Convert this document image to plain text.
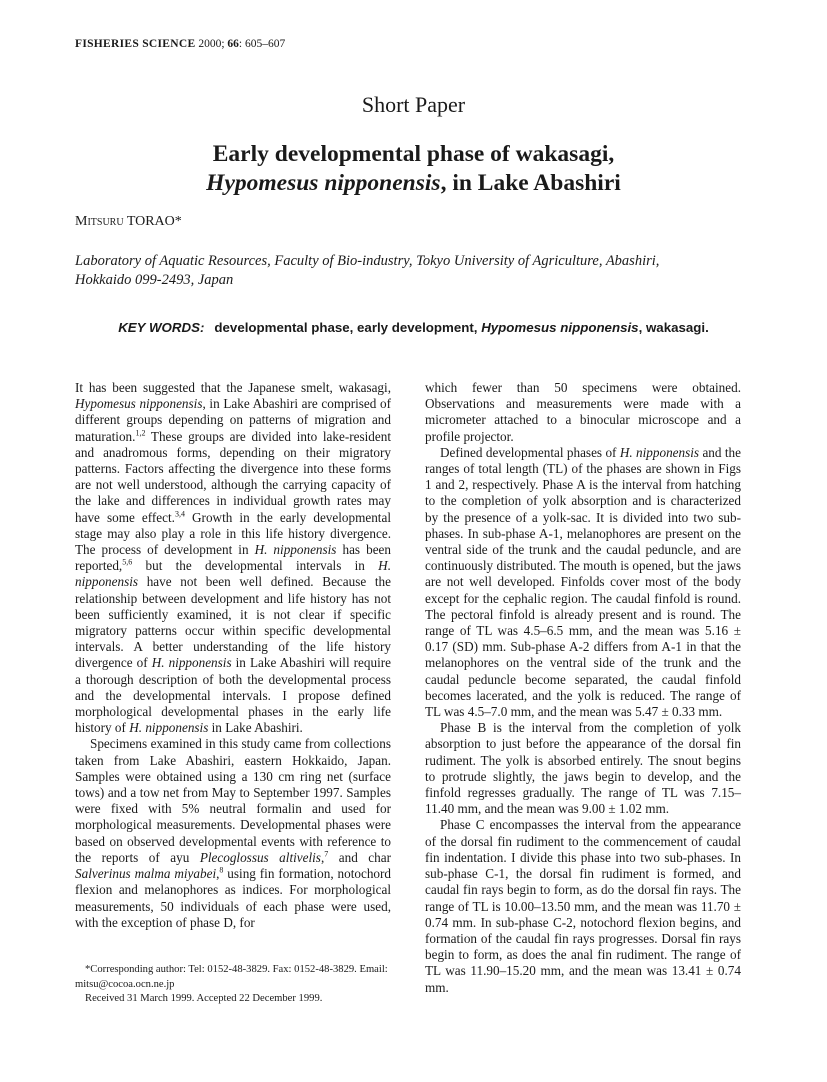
FISHERIES SCIENCE 2000; 66: 605–607
Short Paper
Early developmental phase of wakasagi,
Hypomesus nipponensis, in Lake Abashiri
Mitsuru TORAO*
Laboratory of Aquatic Resources, Faculty of Bio-industry, Tokyo University of Agriculture, Abashiri,
Hokkaido 099-2493, Japan
KEY WORDS: developmental phase, early development, Hypomesus nipponensis, wakasagi.

It has been suggested that the Japanese smelt, wakasagi, Hypomesus nipponensis, in Lake Abashiri are comprised of different groups depending on patterns of migration and maturation.$^{1,2}$ These groups are divided into lake-resident and anadromous forms, depending on their migratory patterns. Factors affecting the divergence into these forms are not well understood, although the carrying capacity of the lake and differences in individual growth rates may have some effect.$^{3,4}$ Growth in the early developmental stage may also play a role in this life history divergence. The process of development in H. nipponensis has been reported,$^{5,6}$ but the developmental intervals in H. nipponensis have not been well defined. Because the relationship between development and life history has not been sufficiently examined, it is not clear if specific migratory patterns occur within specific developmental intervals. A better understanding of the life history divergence of H. nipponensis in Lake Abashiri will require a thorough description of both the developmental process and the developmental intervals. I propose defined morphological developmental phases in the early life history of H. nipponensis in Lake Abashiri.

Specimens examined in this study came from collections taken from Lake Abashiri, eastern Hokkaido, Japan. Samples were obtained using a 130 cm ring net (surface tows) and a tow net from May to September 1997. Samples were fixed with 5% neutral formalin and used for morphological measurements. Developmental phases were based on observed developmental events with reference to the reports of ayu Plecoglossus altivelis,$^7$ and char Salverinus malma miyabei,$^8$ using fin formation, notochord flexion and melanophores as indices. For morphological measurements, 50 individuals of each phase were used, with the exception of phase D, for

*Corresponding author: Tel: 0152-48-3829. Fax: 0152-48-3829. Email: mitsu@cocoa.ocn.ne.jp

Received 31 March 1999. Accepted 22 December 1999.

which fewer than 50 specimens were obtained. Observations and measurements were made with a micrometer attached to a binocular microscope and a profile projector.

Defined developmental phases of H. nipponensis and the ranges of total length (TL) of the phases are shown in Figs 1 and 2, respectively. Phase A is the interval from hatching to the completion of yolk absorption and is characterized by the presence of a yolk-sac. It is divided into two sub-phases. In sub-phase A-1, melanophores are present on the ventral side of the trunk and the caudal peduncle, and are continuously distributed. The mouth is opened, but the jaws are not well developed. Finfolds cover most of the body except for the cephalic region. The caudal finfold is round. The pectoral finfold is already present and is round. The range of TL was 4.5–6.5 mm, and the mean was 5.16 ± 0.17 (SD) mm. Sub-phase A-2 differs from A-1 in that the melanophores on the ventral side of the trunk and the caudal peduncle become separated, the caudal finfold becomes lacerated, and the yolk is reduced. The range of TL was 4.5–7.0 mm, and the mean was 5.47 ± 0.33 mm.

Phase B is the interval from the completion of yolk absorption to just before the appearance of the dorsal fin rudiment. The yolk is absorbed entirely. The snout begins to protrude slightly, the jaws begin to develop, and the finfold regresses gradually. The range of TL was 7.15–11.40 mm, and the mean was 9.00 ± 1.02 mm.

Phase C encompasses the interval from the appearance of the dorsal fin rudiment to the commencement of caudal fin indentation. I divide this phase into two sub-phases. In sub-phase C-1, the dorsal fin rudiment is formed, and caudal fin rays begin to form, as do the dorsal fin rays. The range of TL is 10.00–13.50 mm, and the mean was 11.70 ± 0.74 mm. In sub-phase C-2, notochord flexion begins, and formation of the caudal fin rays progresses. Dorsal fin rays begin to form, as does the anal fin rudiment. The range of TL was 11.90–15.20 mm, and the mean was 13.41 ± 0.74 mm.
